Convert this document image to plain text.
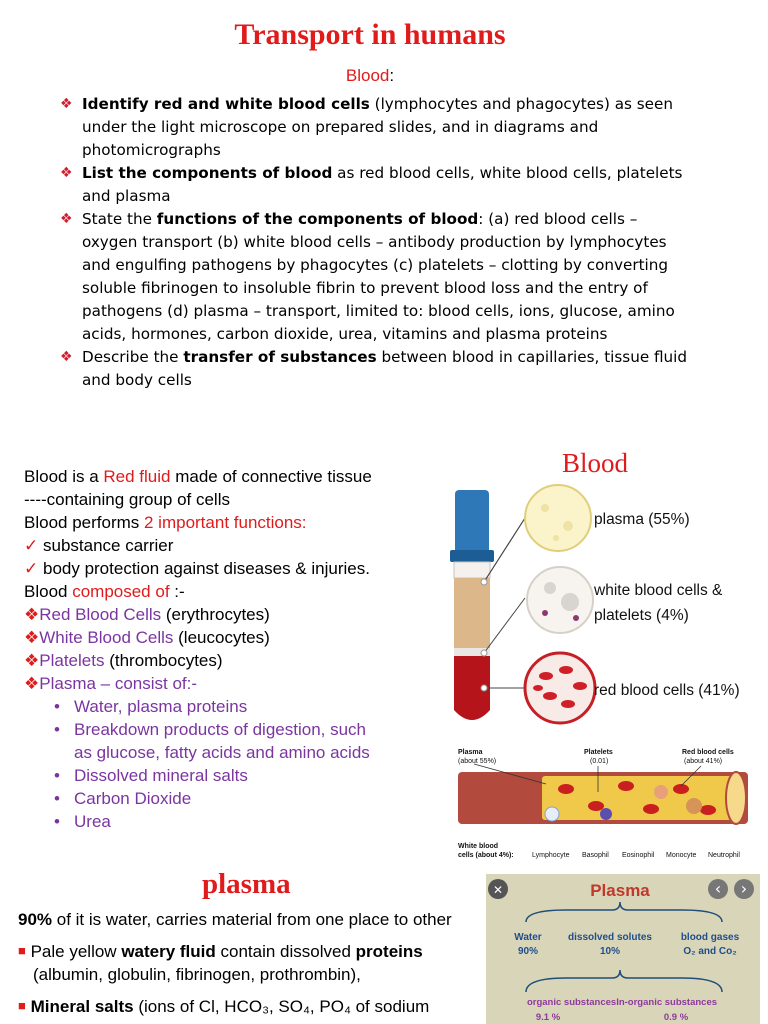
Transport in humans
Blood:

❖ Identify red and white blood cells (lymphocytes and phagocytes) as seen under the light microscope on prepared slides, and in diagrams and photomicrographs

❖ List the components of blood as red blood cells, white blood cells, platelets and plasma

❖ State the functions of the components of blood: (a) red blood cells – oxygen transport (b) white blood cells – antibody production by lymphocytes and engulfing pathogens by phagocytes (c) platelets – clotting by converting soluble fibrinogen to insoluble fibrin to prevent blood loss and the entry of pathogens (d) plasma – transport, limited to: blood cells, ions, glucose, amino acids, hormones, carbon dioxide, urea, vitamins and plasma proteins

❖ Describe the transfer of substances between blood in capillaries, tissue fluid and body cells

Blood is a Red fluid made of connective tissue
----containing group of cells
Blood performs 2 important functions:
✓ substance carrier
✓ body protection against diseases & injuries.
Blood composed of :-
❖Red Blood Cells (erythrocytes)
❖White Blood Cells (leucocytes)
❖Platelets (thrombocytes)
❖Plasma – consist of:-
• Water, plasma proteins
• Breakdown products of digestion, such
as glucose, fatty acids and amino acids
• Dissolved mineral salts
• Carbon Dioxide
• Urea
Blood
plasma (55%)
white blood cells &
platelets (4%)
red blood cells (41%)
Plasma
(about 55%)
Platelets
(0.01)
Red blood cells
(about 41%)
White blood
cells (about 4%):	Lymphocyte Basophil Eosinophil Monocyte Neutrophil
plasma
90% of it is water, carries material from one place to other
■ Pale yellow watery fluid contain dissolved proteins
(albumin, globulin, fibrinogen, prothrombin),
■ Mineral salts (ions of Cl, HCO₃, SO₄, PO₄ of sodium
✕	‹ ›
Plasma
Water
90%
dissolved solutes
10%
blood gases
O₂ and Co₂
organic substancesIn-organic substances
9.1 %	0.9 %
